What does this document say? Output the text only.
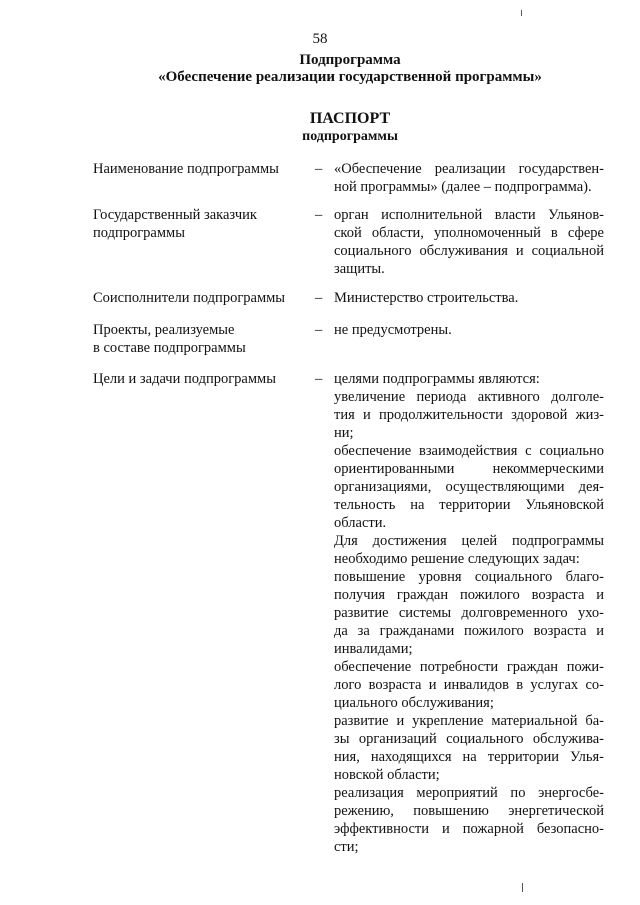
58
Подпрограмма
«Обеспечение реализации государственной программы»
ПАСПОРТ
подпрограммы
Наименование подпрограммы	– «Обеспечение реализации государствен-
ной программы» (далее – подпрограмма).
Государственный заказчик
подпрограммы
– орган исполнительной власти Ульянов-
ской области, уполномоченный в сфере
социального обслуживания и социальной
защиты.
Соисполнители подпрограммы	– Министерство строительства.
Проекты, реализуемые
в составе подпрограммы
– не предусмотрены.
Цели и задачи подпрограммы	– целями подпрограммы являются:
увеличение периода активного долголе-
тия и продолжительности здоровой жиз-
ни;
обеспечение взаимодействия с социально
ориентированными некоммерческими
организациями, осуществляющими дея-
тельность на территории Ульяновской
области.
Для достижения целей подпрограммы
необходимо решение следующих задач:
повышение уровня социального благо-
получия граждан пожилого возраста и
развитие системы долговременного ухо-
да за гражданами пожилого возраста и
инвалидами;
обеспечение потребности граждан пожи-
лого возраста и инвалидов в услугах со-
циального обслуживания;
развитие и укрепление материальной ба-
зы организаций социального обслужива-
ния, находящихся на территории Улья-
новской области;
реализация мероприятий по энергосбе-
режению, повышению энергетической
эффективности и пожарной безопасно-
сти;
